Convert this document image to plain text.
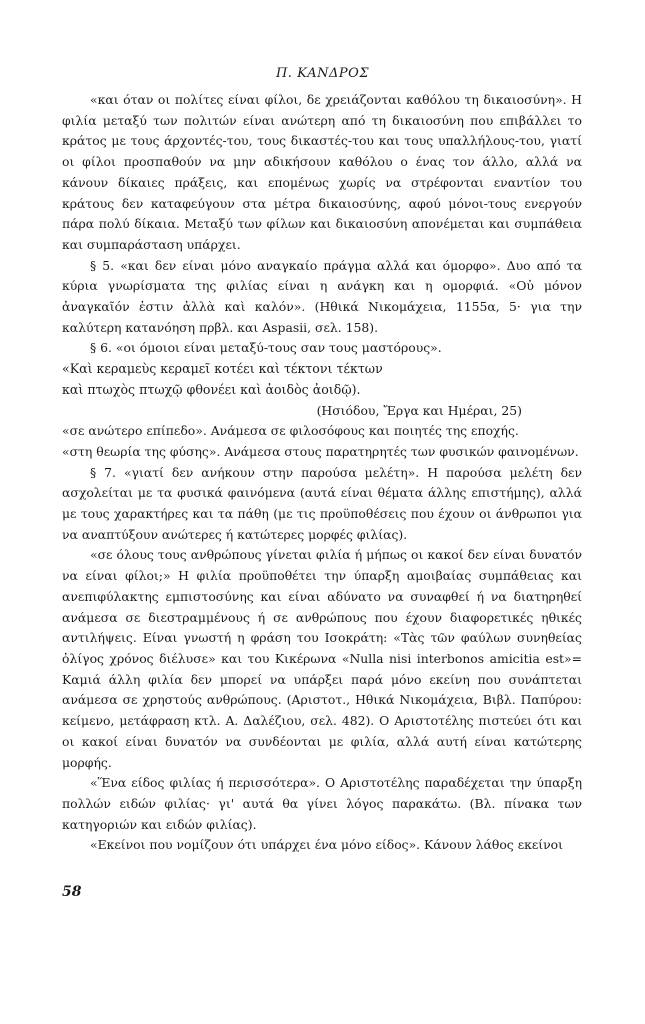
Π. ΚΑΝΔΡΟΣ

«και όταν οι πολίτες είναι φίλοι, δε χρειάζονται καθόλου τη δικαιοσύνη». Η φιλία μεταξύ των πολιτών είναι ανώτερη από τη δικαιοσύνη που επιβάλλει το κράτος με τους άρχοντές-του, τους δικαστές-του και τους υπαλλήλους-του, γιατί οι φίλοι προσπαθούν να μην αδικήσουν καθόλου ο ένας τον άλλο, αλλά να κάνουν δίκαιες πράξεις, και επομένως χωρίς να στρέφονται εναντίον του κράτους δεν καταφεύγουν στα μέτρα δικαιοσύνης, αφού μόνοι-τους ενεργούν πάρα πολύ δίκαια. Μεταξύ των φίλων και δικαιοσύνη απονέμεται και συμπάθεια και συμπαράσταση υπάρχει.

§ 5. «και δεν είναι μόνο αναγκαίο πράγμα αλλά και όμορφο». Δυο από τα κύρια γνωρίσματα της φιλίας είναι η ανάγκη και η ομορφιά. «Οὐ μόνον ἀναγκαῖόν ἐστιν ἀλλὰ καὶ καλόν». (Ηθικά Νικομάχεια, 1155α, 5· για την καλύτερη κατανόηση πρβλ. και Aspasii, σελ. 158).

§ 6. «οι όμοιοι είναι μεταξύ-τους σαν τους μαστόρους».

«Καὶ κεραμεὺς κεραμεῖ κοτέει καὶ τέκτονι τέκτων

καὶ πτωχὸς πτωχῷ φθονέει καὶ ἀοιδὸς ἀοιδῷ).

(Ησιόδου, Ἔργα και Ημέραι, 25)

«σε ανώτερο επίπεδο». Ανάμεσα σε φιλοσόφους και ποιητές της εποχής.

«στη θεωρία της φύσης». Ανάμεσα στους παρατηρητές των φυσικών φαινομένων.

§ 7. «γιατί δεν ανήκουν στην παρούσα μελέτη». Η παρούσα μελέτη δεν ασχολείται με τα φυσικά φαινόμενα (αυτά είναι θέματα άλλης επιστήμης), αλλά με τους χαρακτήρες και τα πάθη (με τις προϋποθέσεις που έχουν οι άνθρωποι για να αναπτύξουν ανώτερες ή κατώτερες μορφές φιλίας).

«σε όλους τους ανθρώπους γίνεται φιλία ή μήπως οι κακοί δεν είναι δυνατόν να είναι φίλοι;» Η φιλία προϋποθέτει την ύπαρξη αμοιβαίας συμπάθειας και ανεπιφύλακτης εμπιστοσύνης και είναι αδύνατο να συναφθεί ή να διατηρηθεί ανάμεσα σε διεστραμμένους ή σε ανθρώπους που έχουν διαφορετικές ηθικές αντιλήψεις. Είναι γνωστή η φράση του Ισοκράτη: «Τὰς τῶν φαύλων συνηθείας ὀλίγος χρόνος διέλυσε» και του Κικέρωνα «Nulla nisi interbonos amicitia est»= Καμιά άλλη φιλία δεν μπορεί να υπάρξει παρά μόνο εκείνη που συνάπτεται ανάμεσα σε χρηστούς ανθρώπους. (Αριστοτ., Ηθικά Νικομάχεια, Βιβλ. Παπύρου: κείμενο, μετάφραση κτλ. Α. Δαλέζιου, σελ. 482). Ο Αριστοτέλης πιστεύει ότι και οι κακοί είναι δυνατόν να συνδέονται με φιλία, αλλά αυτή είναι κατώτερης μορφής.

«Ἕνα είδος φιλίας ή περισσότερα». Ο Αριστοτέλης παραδέχεται την ύπαρξη πολλών ειδών φιλίας· γι' αυτά θα γίνει λόγος παρακάτω. (Βλ. πίνακα των κατηγοριών και ειδών φιλίας).

«Εκείνοι που νομίζουν ότι υπάρχει ένα μόνο είδος». Κάνουν λάθος εκείνοι

58
